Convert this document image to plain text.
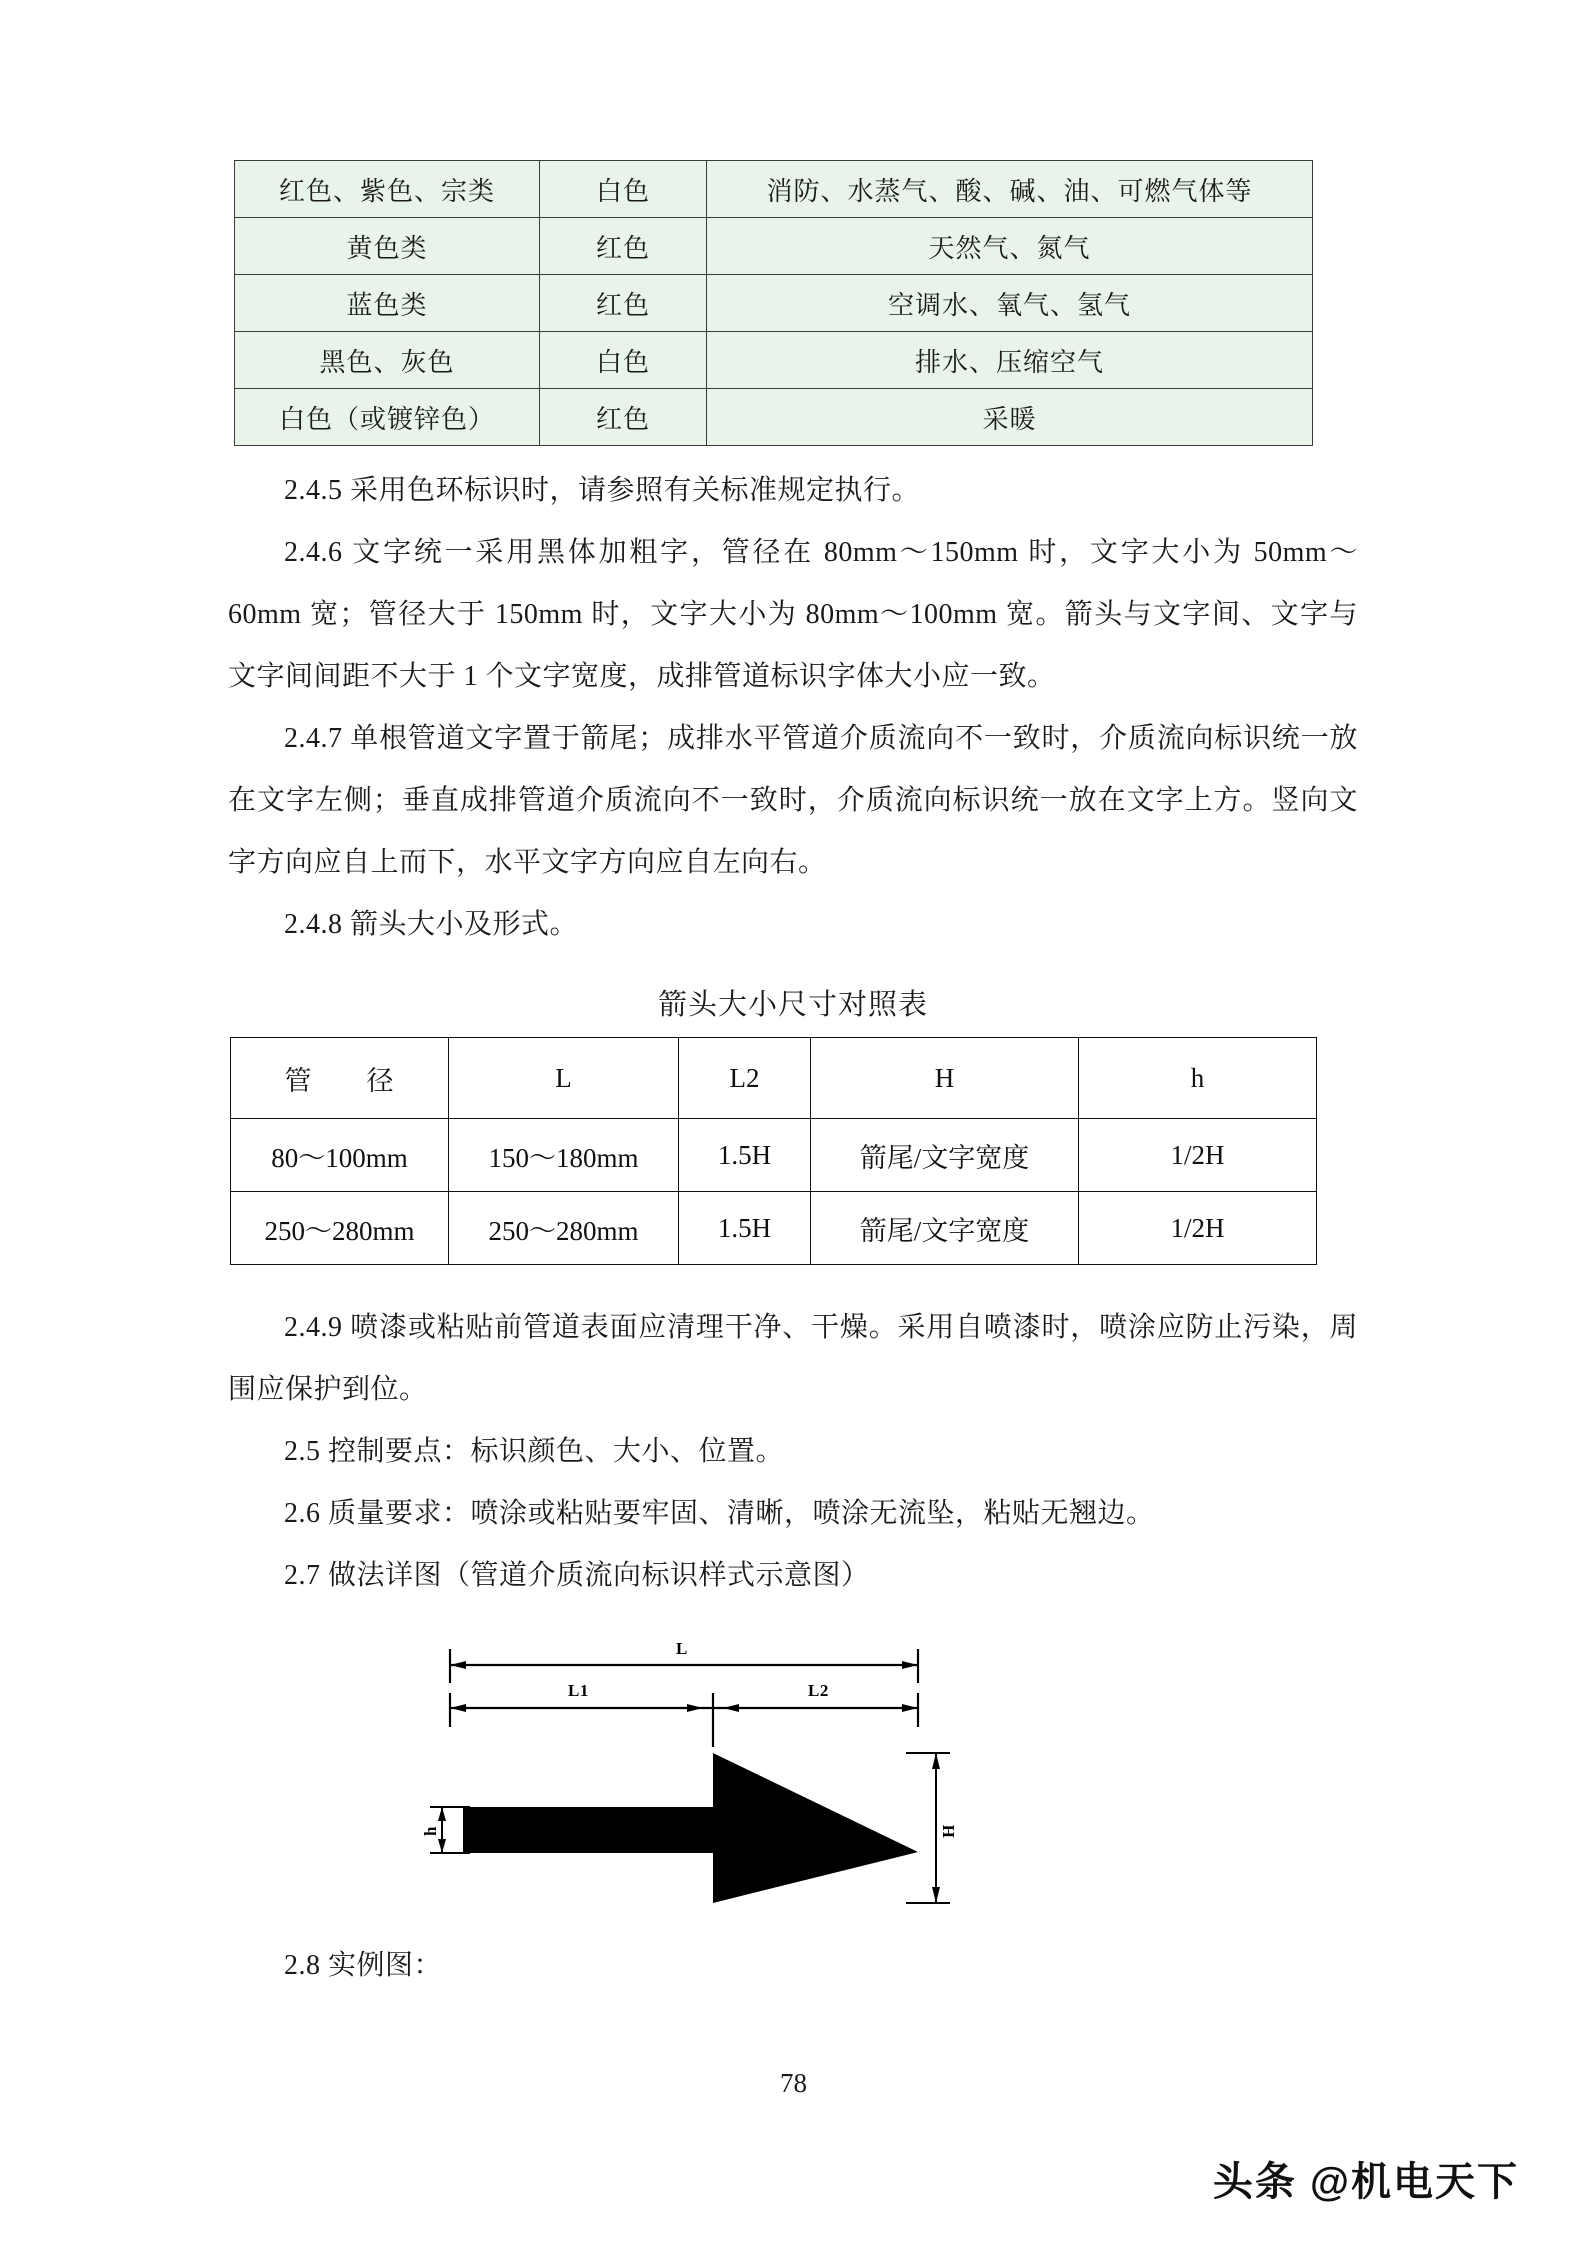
红色、紫色、宗类	白色	消防、水蒸气、酸、碱、油、可燃气体等
黄色类	红色	天然气、氮气
蓝色类	红色	空调水、氧气、氢气
黑色、灰色	白色	排水、压缩空气
白色（或镀锌色）	红色	采暖

2.4.5 采用色环标识时，请参照有关标准规定执行。

2.4.6 文字统一采用黑体加粗字，管径在 80mm～150mm 时，文字大小为 50mm～60mm 宽；管径大于 150mm 时，文字大小为 80mm～100mm 宽。箭头与文字间、文字与文字间间距不大于 1 个文字宽度，成排管道标识字体大小应一致。

2.4.7 单根管道文字置于箭尾；成排水平管道介质流向不一致时，介质流向标识统一放在文字左侧；垂直成排管道介质流向不一致时，介质流向标识统一放在文字上方。竖向文字方向应自上而下，水平文字方向应自左向右。

2.4.8 箭头大小及形式。

箭头大小尺寸对照表
管　径	L	L2	H	h
80～100mm	150～180mm	1.5H	箭尾/文字宽度	1/2H
250～280mm	250～280mm	1.5H	箭尾/文字宽度	1/2H

2.4.9 喷漆或粘贴前管道表面应清理干净、干燥。采用自喷漆时，喷涂应防止污染，周围应保护到位。

2.5 控制要点：标识颜色、大小、位置。

2.6 质量要求：喷涂或粘贴要牢固、清晰，喷涂无流坠，粘贴无翘边。

2.7 做法详图（管道介质流向标识样式示意图）

L
L1	L2
h	H

2.8 实例图：

78
头条 @机电天下
